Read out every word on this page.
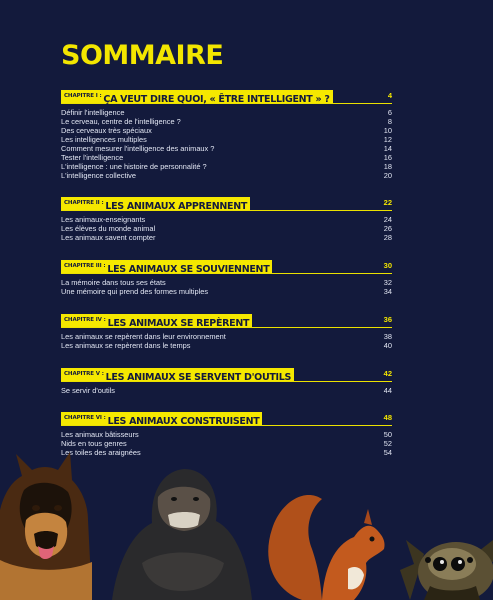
SOMMAIRE
$^{CHAPITRE I :}$ ÇA VEUT DIRE QUOI, « ÊTRE INTELLIGENT » ?	4
Définir l'intelligence	6
Le cerveau, centre de l'intelligence ?	8
Des cerveaux très spéciaux	10
Les intelligences multiples	12
Comment mesurer l'intelligence des animaux ?	14
Tester l'intelligence	16
L'intelligence : une histoire de personnalité ?	18
L'intelligence collective	20
$^{CHAPITRE II :}$ LES ANIMAUX APPRENNENT	22
Les animaux-enseignants	24
Les élèves du monde animal	26
Les animaux savent compter	28
$^{CHAPITRE III :}$ LES ANIMAUX SE SOUVIENNENT	30
La mémoire dans tous ses états	32
Une mémoire qui prend des formes multiples	34
$^{CHAPITRE IV :}$ LES ANIMAUX SE REPÈRENT	36
Les animaux se repèrent dans leur environnement	38
Les animaux se repèrent dans le temps	40
$^{CHAPITRE V :}$ LES ANIMAUX SE SERVENT D'OUTILS	42
Se servir d'outils	44
$^{CHAPITRE VI :}$ LES ANIMAUX CONSTRUISENT	48
Les animaux bâtisseurs	50
Nids en tous genres	52
Les toiles des araignées	54
